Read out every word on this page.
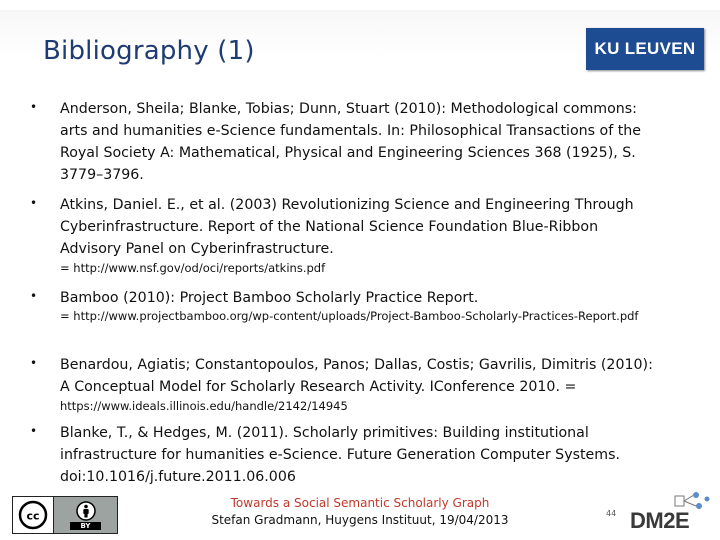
Bibliography (1)	KU LEUVEN
• Anderson, Sheila; Blanke, Tobias; Dunn, Stuart (2010): Methodological commons: arts and humanities e-Science fundamentals. In: Philosophical Transactions of the Royal Society A: Mathematical, Physical and Engineering Sciences 368 (1925), S. 3779–3796.
• Atkins, Daniel. E., et al. (2003) Revolutionizing Science and Engineering Through Cyberinfrastructure. Report of the National Science Foundation Blue-Ribbon Advisory Panel on Cyberinfrastructure.
= http://www.nsf.gov/od/oci/reports/atkins.pdf
• Bamboo (2010): Project Bamboo Scholarly Practice Report.
= http://www.projectbamboo.org/wp-content/uploads/Project-Bamboo-Scholarly-Practices-Report.pdf
• Benardou, Agiatis; Constantopoulos, Panos; Dallas, Costis; Gavrilis, Dimitris (2010): A Conceptual Model for Scholarly Research Activity. IConference 2010. =
https://www.ideals.illinois.edu/handle/2142/14945
• Blanke, T., & Hedges, M. (2011). Scholarly primitives: Building institutional infrastructure for humanities e-Science. Future Generation Computer Systems. doi:10.1016/j.future.2011.06.006
cc
BY
Towards a Social Semantic Scholarly Graph
Stefan Gradmann, Huygens Instituut, 19/04/2013	44 DM2E
